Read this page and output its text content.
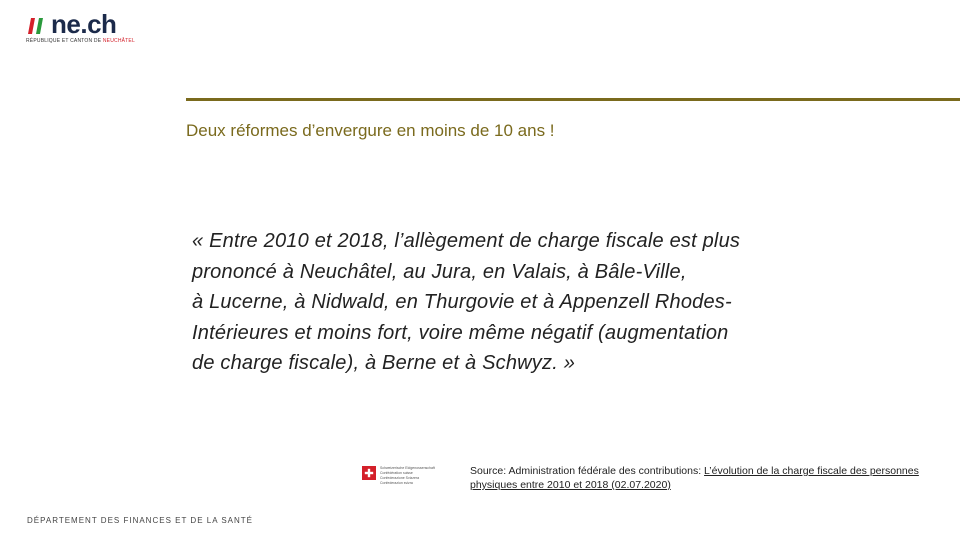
ne.ch
RÉPUBLIQUE ET CANTON DE NEUCHÂTEL
Deux réformes d’envergure en moins de 10 ans !
« Entre 2010 et 2018, l’allègement de charge fiscale est plus
prononcé à Neuchâtel, au Jura, en Valais, à Bâle-Ville,
à Lucerne, à Nidwald, en Thurgovie et à Appenzell Rhodes-
Intérieures et moins fort, voire même négatif (augmentation
de charge fiscale), à Berne et à Schwyz. »
Schweizerische Eidgenossenschaft
Confédération suisse
Confederazione Svizzera
Confederaziun svizra
Source: Administration fédérale des contributions: L’évolution de la charge fiscale des personnes physiques entre 2010 et 2018 (02.07.2020)
DÉPARTEMENT DES FINANCES ET DE LA SANTÉ
